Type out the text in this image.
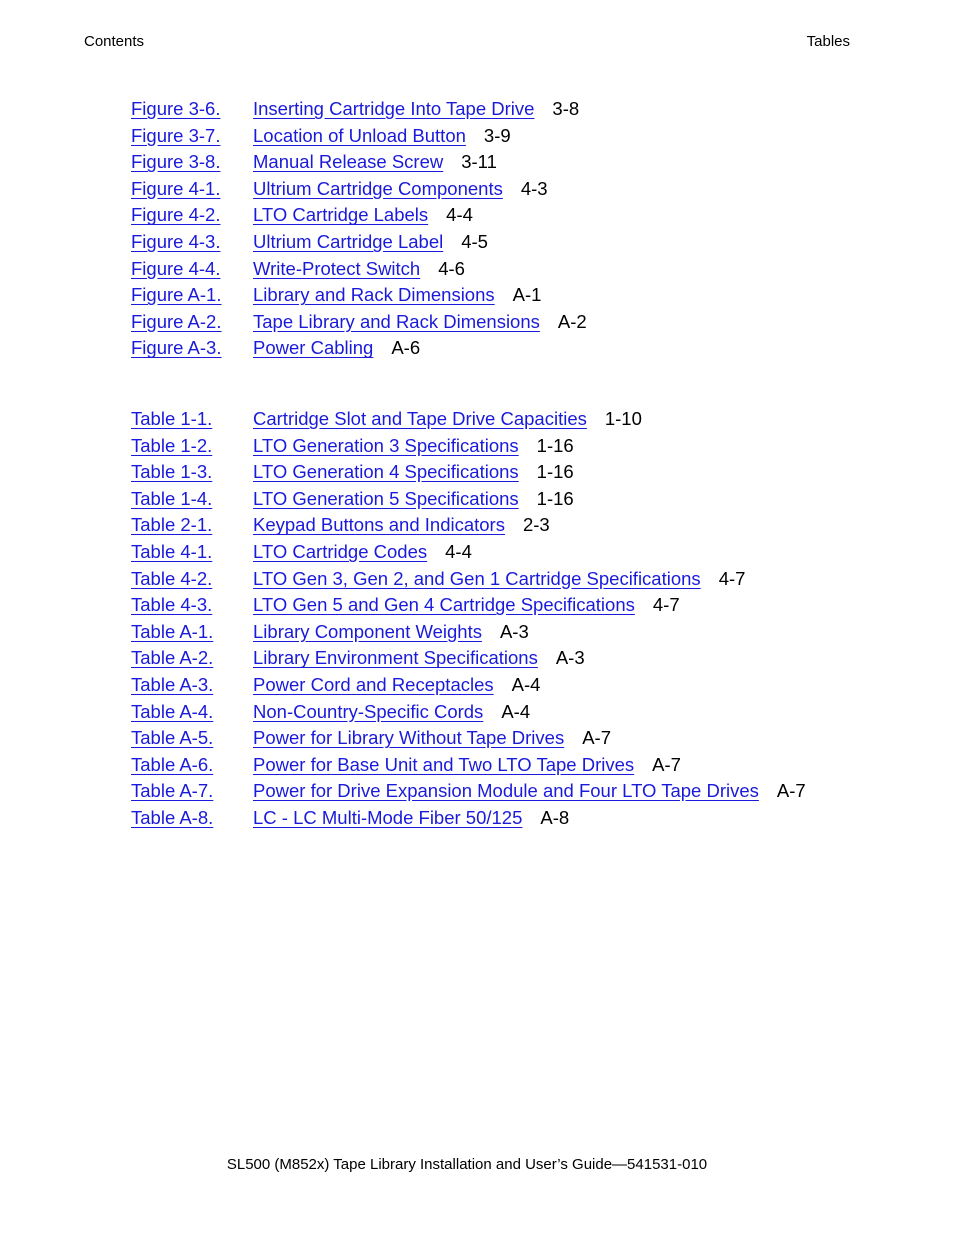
Contents	Tables
Figure 3-6. Inserting Cartridge Into Tape Drive 3-8
Figure 3-7. Location of Unload Button 3-9
Figure 3-8. Manual Release Screw 3-11
Figure 4-1. Ultrium Cartridge Components 4-3
Figure 4-2. LTO Cartridge Labels 4-4
Figure 4-3. Ultrium Cartridge Label 4-5
Figure 4-4. Write-Protect Switch 4-6
Figure A-1. Library and Rack Dimensions A-1
Figure A-2. Tape Library and Rack Dimensions A-2
Figure A-3. Power Cabling A-6
Table 1-1. Cartridge Slot and Tape Drive Capacities 1-10
Table 1-2. LTO Generation 3 Specifications 1-16
Table 1-3. LTO Generation 4 Specifications 1-16
Table 1-4. LTO Generation 5 Specifications 1-16
Table 2-1. Keypad Buttons and Indicators 2-3
Table 4-1. LTO Cartridge Codes 4-4
Table 4-2. LTO Gen 3, Gen 2, and Gen 1 Cartridge Specifications 4-7
Table 4-3. LTO Gen 5 and Gen 4 Cartridge Specifications 4-7
Table A-1. Library Component Weights A-3
Table A-2. Library Environment Specifications A-3
Table A-3. Power Cord and Receptacles A-4
Table A-4. Non-Country-Specific Cords A-4
Table A-5. Power for Library Without Tape Drives A-7
Table A-6. Power for Base Unit and Two LTO Tape Drives A-7
Table A-7. Power for Drive Expansion Module and Four LTO Tape Drives A-7
Table A-8. LC - LC Multi-Mode Fiber 50/125 A-8
SL500 (M852x) Tape Library Installation and User’s Guide—541531-010
